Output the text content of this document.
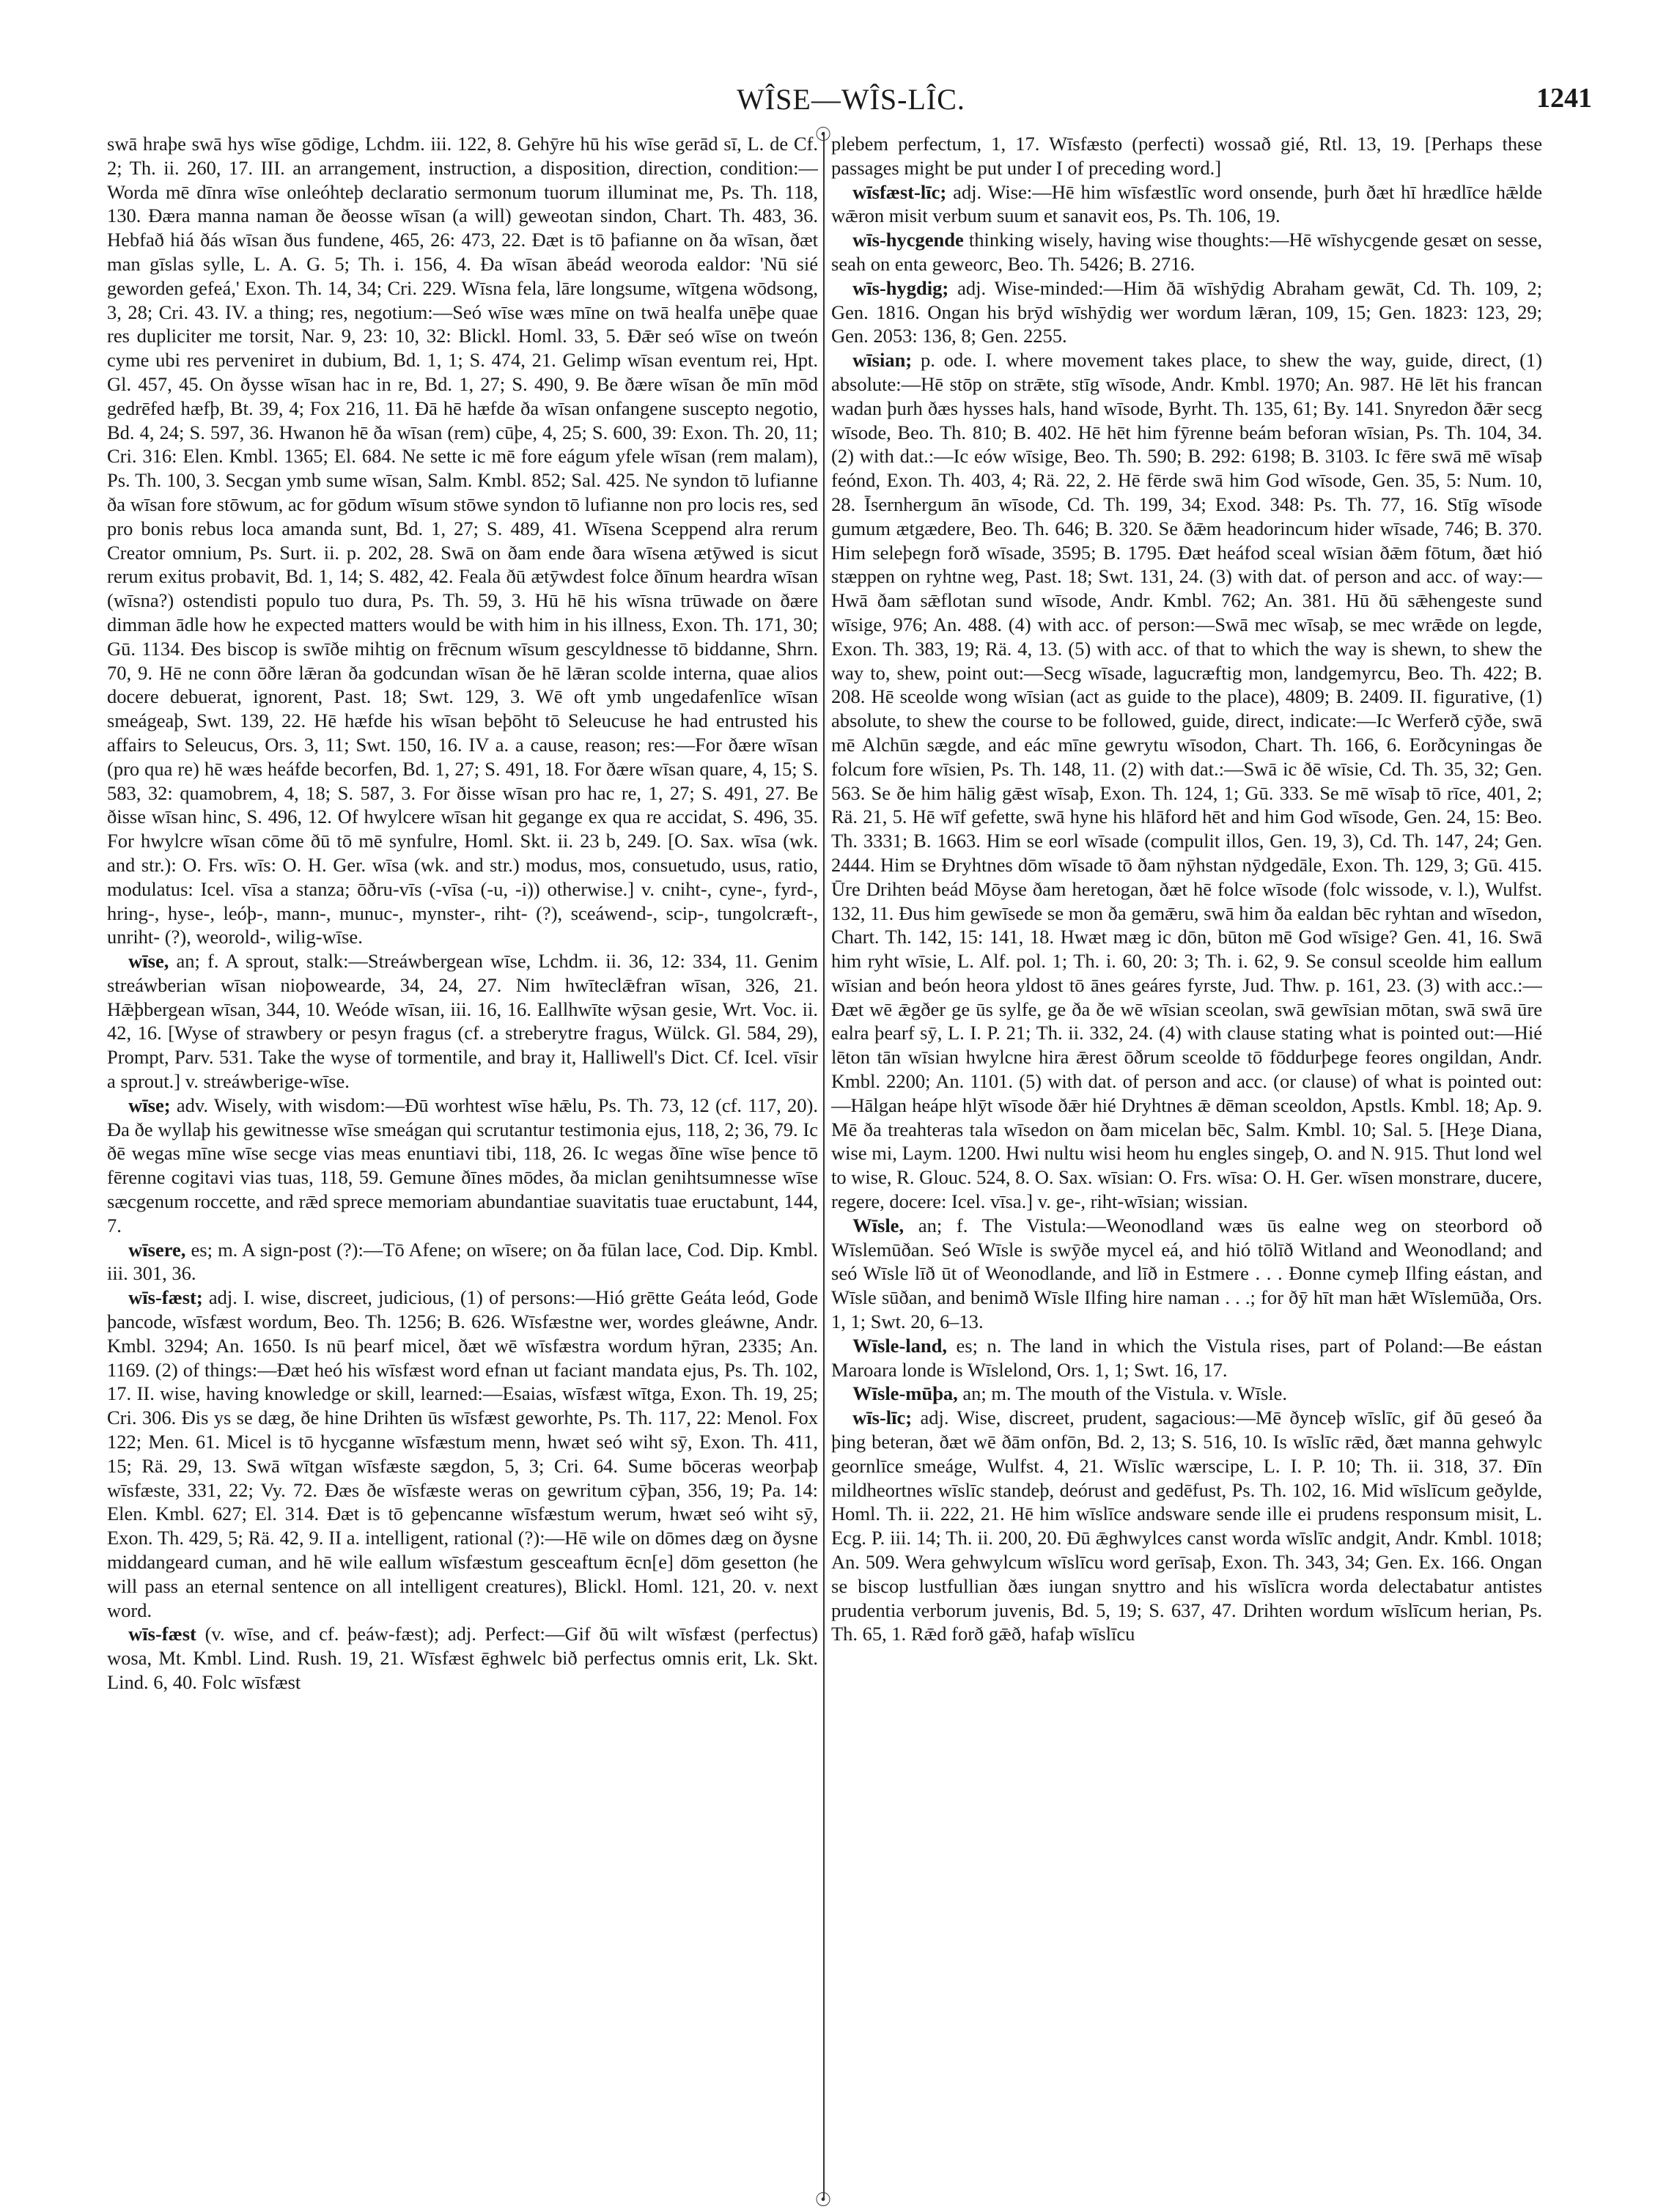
WÎSE—WÎS-LÎC.	1241
☉
☉

swā hraþe swā hys wīse gōdige, Lchdm. iii. 122, 8. Gehȳre hū his wīse gerād sī, L. de Cf. 2; Th. ii. 260, 17. III. an arrangement, instruction, a disposition, direction, condition:—Worda mē dīnra wīse onleóhteþ declaratio sermonum tuorum illuminat me, Ps. Th. 118, 130. Ðæra manna naman ðe ðeosse wīsan (a will) geweotan sindon, Chart. Th. 483, 36. Hebfað hiá ðás wīsan ðus fundene, 465, 26: 473, 22. Ðæt is tō þafianne on ða wīsan, ðæt man gīslas sylle, L. A. G. 5; Th. i. 156, 4. Ða wīsan ābeád weoroda ealdor: 'Nū sié geworden gefeá,' Exon. Th. 14, 34; Cri. 229. Wīsna fela, lāre longsume, wītgena wōdsong, 3, 28; Cri. 43. IV. a thing; res, negotium:—Seó wīse wæs mīne on twā healfa unēþe quae res dupliciter me torsit, Nar. 9, 23: 10, 32: Blickl. Homl. 33, 5. Ðǣr seó wīse on tweón cyme ubi res perveniret in dubium, Bd. 1, 1; S. 474, 21. Gelimp wīsan eventum rei, Hpt. Gl. 457, 45. On ðysse wīsan hac in re, Bd. 1, 27; S. 490, 9. Be ðære wīsan ðe mīn mōd gedrēfed hæfþ, Bt. 39, 4; Fox 216, 11. Ðā hē hæfde ða wīsan onfangene suscepto negotio, Bd. 4, 24; S. 597, 36. Hwanon hē ða wīsan (rem) cūþe, 4, 25; S. 600, 39: Exon. Th. 20, 11; Cri. 316: Elen. Kmbl. 1365; El. 684. Ne sette ic mē fore eágum yfele wīsan (rem malam), Ps. Th. 100, 3. Secgan ymb sume wīsan, Salm. Kmbl. 852; Sal. 425. Ne syndon tō lufianne ða wīsan fore stōwum, ac for gōdum wīsum stōwe syndon tō lufianne non pro locis res, sed pro bonis rebus loca amanda sunt, Bd. 1, 27; S. 489, 41. Wīsena Sceppend alra rerum Creator omnium, Ps. Surt. ii. p. 202, 28. Swā on ðam ende ðara wīsena ætȳwed is sicut rerum exitus probavit, Bd. 1, 14; S. 482, 42. Feala ðū ætȳwdest folce ðīnum heardra wīsan (wīsna?) ostendisti populo tuo dura, Ps. Th. 59, 3. Hū hē his wīsna trūwade on ðære dimman ādle how he expected matters would be with him in his illness, Exon. Th. 171, 30; Gū. 1134. Ðes biscop is swīðe mihtig on frēcnum wīsum gescyldnesse tō biddanne, Shrn. 70, 9. Hē ne conn ōðre lǣran ða godcundan wīsan ðe hē lǣran scolde interna, quae alios docere debuerat, ignorent, Past. 18; Swt. 129, 3. Wē oft ymb ungedafenlīce wīsan smeágeaþ, Swt. 139, 22. Hē hæfde his wīsan beþōht tō Seleucuse he had entrusted his affairs to Seleucus, Ors. 3, 11; Swt. 150, 16. IV a. a cause, reason; res:—For ðære wīsan (pro qua re) hē wæs heáfde becorfen, Bd. 1, 27; S. 491, 18. For ðære wīsan quare, 4, 15; S. 583, 32: quamobrem, 4, 18; S. 587, 3. For ðisse wīsan pro hac re, 1, 27; S. 491, 27. Be ðisse wīsan hinc, S. 496, 12. Of hwylcere wīsan hit gegange ex qua re accidat, S. 496, 35. For hwylcre wīsan cōme ðū tō mē synfulre, Homl. Skt. ii. 23 b, 249. [O. Sax. wīsa (wk. and str.): O. Frs. wīs: O. H. Ger. wīsa (wk. and str.) modus, mos, consuetudo, usus, ratio, modulatus: Icel. vīsa a stanza; ōðru-vīs (-vīsa (-u, -i)) otherwise.] v. cniht-, cyne-, fyrd-, hring-, hyse-, leóþ-, mann-, munuc-, mynster-, riht- (?), sceáwend-, scip-, tungolcræft-, unriht- (?), weorold-, wilig-wīse.

wīse, an; f. A sprout, stalk:—Streáwbergean wīse, Lchdm. ii. 36, 12: 334, 11. Genim streáwberian wīsan nioþowearde, 34, 24, 27. Nim hwīteclǣfran wīsan, 326, 21. Hǣþbergean wīsan, 344, 10. Weóde wīsan, iii. 16, 16. Eallhwīte wȳsan gesie, Wrt. Voc. ii. 42, 16. [Wyse of strawbery or pesyn fragus (cf. a streberytre fragus, Wülck. Gl. 584, 29), Prompt, Parv. 531. Take the wyse of tormentile, and bray it, Halliwell's Dict. Cf. Icel. vīsir a sprout.] v. streáwberige-wīse.

wīse; adv. Wisely, with wisdom:—Ðū worhtest wīse hǣlu, Ps. Th. 73, 12 (cf. 117, 20). Ða ðe wyllaþ his gewitnesse wīse smeágan qui scrutantur testimonia ejus, 118, 2; 36, 79. Ic ðē wegas mīne wīse secge vias meas enuntiavi tibi, 118, 26. Ic wegas ðīne wīse þence tō fērenne cogitavi vias tuas, 118, 59. Gemune ðīnes mōdes, ða miclan genihtsumnesse wīse sæcgenum roccette, and rǣd sprece memoriam abundantiae suavitatis tuae eructabunt, 144, 7.

wīsere, es; m. A sign-post (?):—Tō Afene; on wīsere; on ða fūlan lace, Cod. Dip. Kmbl. iii. 301, 36.

wīs-fæst; adj. I. wise, discreet, judicious, (1) of persons:—Hió grētte Geáta leód, Gode þancode, wīsfæst wordum, Beo. Th. 1256; B. 626. Wīsfæstne wer, wordes gleáwne, Andr. Kmbl. 3294; An. 1650. Is nū þearf micel, ðæt wē wīsfæstra wordum hȳran, 2335; An. 1169. (2) of things:—Ðæt heó his wīsfæst word efnan ut faciant mandata ejus, Ps. Th. 102, 17. II. wise, having knowledge or skill, learned:—Esaias, wīsfæst wītga, Exon. Th. 19, 25; Cri. 306. Ðis ys se dæg, ðe hine Drihten ūs wīsfæst geworhte, Ps. Th. 117, 22: Menol. Fox 122; Men. 61. Micel is tō hycganne wīsfæstum menn, hwæt seó wiht sȳ, Exon. Th. 411, 15; Rä. 29, 13. Swā wītgan wīsfæste sægdon, 5, 3; Cri. 64. Sume bōceras weorþaþ wīsfæste, 331, 22; Vy. 72. Ðæs ðe wīsfæste weras on gewritum cȳþan, 356, 19; Pa. 14: Elen. Kmbl. 627; El. 314. Ðæt is tō geþencanne wīsfæstum werum, hwæt seó wiht sȳ, Exon. Th. 429, 5; Rä. 42, 9. II a. intelligent, rational (?):—Hē wile on dōmes dæg on ðysne middangeard cuman, and hē wile eallum wīsfæstum gesceaftum ēcn[e] dōm gesetton (he will pass an eternal sentence on all intelligent creatures), Blickl. Homl. 121, 20. v. next word.

wīs-fæst (v. wīse, and cf. þeáw-fæst); adj. Perfect:—Gif ðū wilt wīsfæst (perfectus) wosa, Mt. Kmbl. Lind. Rush. 19, 21. Wīsfæst ēghwelc bið perfectus omnis erit, Lk. Skt. Lind. 6, 40. Folc wīsfæst

plebem perfectum, 1, 17. Wīsfæsto (perfecti) wossað gié, Rtl. 13, 19. [Perhaps these passages might be put under I of preceding word.]

wīsfæst-līc; adj. Wise:—Hē him wīsfæstlīc word onsende, þurh ðæt hī hrædlīce hǣlde wǣron misit verbum suum et sanavit eos, Ps. Th. 106, 19.

wīs-hycgende thinking wisely, having wise thoughts:—Hē wīshycgende gesæt on sesse, seah on enta geweorc, Beo. Th. 5426; B. 2716.

wīs-hygdig; adj. Wise-minded:—Him ðā wīshȳdig Abraham gewāt, Cd. Th. 109, 2; Gen. 1816. Ongan his brȳd wīshȳdig wer wordum lǣran, 109, 15; Gen. 1823: 123, 29; Gen. 2053: 136, 8; Gen. 2255.

wīsian; p. ode. I. where movement takes place, to shew the way, guide, direct, (1) absolute:—Hē stōp on strǣte, stīg wīsode, Andr. Kmbl. 1970; An. 987. Hē lēt his francan wadan þurh ðæs hysses hals, hand wīsode, Byrht. Th. 135, 61; By. 141. Snyredon ðǣr secg wīsode, Beo. Th. 810; B. 402. Hē hēt him fȳrenne beám beforan wīsian, Ps. Th. 104, 34. (2) with dat.:—Ic eów wīsige, Beo. Th. 590; B. 292: 6198; B. 3103. Ic fēre swā mē wīsaþ feónd, Exon. Th. 403, 4; Rä. 22, 2. Hē fērde swā him God wīsode, Gen. 35, 5: Num. 10, 28. Īsernhergum ān wīsode, Cd. Th. 199, 34; Exod. 348: Ps. Th. 77, 16. Stīg wīsode gumum ætgædere, Beo. Th. 646; B. 320. Se ðǣm headorincum hider wīsade, 746; B. 370. Him seleþegn forð wīsade, 3595; B. 1795. Ðæt heáfod sceal wīsian ðǣm fōtum, ðæt hió stæppen on ryhtne weg, Past. 18; Swt. 131, 24. (3) with dat. of person and acc. of way:—Hwā ðam sǣflotan sund wīsode, Andr. Kmbl. 762; An. 381. Hū ðū sǣhengeste sund wīsige, 976; An. 488. (4) with acc. of person:—Swā mec wīsaþ, se mec wrǣde on legde, Exon. Th. 383, 19; Rä. 4, 13. (5) with acc. of that to which the way is shewn, to shew the way to, shew, point out:—Secg wīsade, lagucræftig mon, landgemyrcu, Beo. Th. 422; B. 208. Hē sceolde wong wīsian (act as guide to the place), 4809; B. 2409. II. figurative, (1) absolute, to shew the course to be followed, guide, direct, indicate:—Ic Werferð cȳðe, swā mē Alchūn sægde, and eác mīne gewrytu wīsodon, Chart. Th. 166, 6. Eorðcyningas ðe folcum fore wīsien, Ps. Th. 148, 11. (2) with dat.:—Swā ic ðē wīsie, Cd. Th. 35, 32; Gen. 563. Se ðe him hālig gǣst wīsaþ, Exon. Th. 124, 1; Gū. 333. Se mē wīsaþ tō rīce, 401, 2; Rä. 21, 5. Hē wīf gefette, swā hyne his hlāford hēt and him God wīsode, Gen. 24, 15: Beo. Th. 3331; B. 1663. Him se eorl wīsade (compulit illos, Gen. 19, 3), Cd. Th. 147, 24; Gen. 2444. Him se Ðryhtnes dōm wīsade tō ðam nȳhstan nȳdgedāle, Exon. Th. 129, 3; Gū. 415. Ūre Drihten beád Mōyse ðam heretogan, ðæt hē folce wīsode (folc wissode, v. l.), Wulfst. 132, 11. Ðus him gewīsede se mon ða gemǣru, swā him ða ealdan bēc ryhtan and wīsedon, Chart. Th. 142, 15: 141, 18. Hwæt mæg ic dōn, būton mē God wīsige? Gen. 41, 16. Swā him ryht wīsie, L. Alf. pol. 1; Th. i. 60, 20: 3; Th. i. 62, 9. Se consul sceolde him eallum wīsian and beón heora yldost tō ānes geáres fyrste, Jud. Thw. p. 161, 23. (3) with acc.:—Ðæt wē ǣgðer ge ūs sylfe, ge ða ðe wē wīsian sceolan, swā gewīsian mōtan, swā swā ūre ealra þearf sȳ, L. I. P. 21; Th. ii. 332, 24. (4) with clause stating what is pointed out:—Hié lēton tān wīsian hwylcne hira ǣrest ōðrum sceolde tō fōddurþege feores ongildan, Andr. Kmbl. 2200; An. 1101. (5) with dat. of person and acc. (or clause) of what is pointed out:—Hālgan heápe hlȳt wīsode ðǣr hié Dryhtnes ǣ dēman sceoldon, Apstls. Kmbl. 18; Ap. 9. Mē ða treahteras tala wīsedon on ðam micelan bēc, Salm. Kmbl. 10; Sal. 5. [Heȝe Diana, wise mi, Laym. 1200. Hwi nultu wisi heom hu engles singeþ, O. and N. 915. Thut lond wel to wise, R. Glouc. 524, 8. O. Sax. wīsian: O. Frs. wīsa: O. H. Ger. wīsen monstrare, ducere, regere, docere: Icel. vīsa.] v. ge-, riht-wīsian; wissian.

Wīsle, an; f. The Vistula:—Weonodland wæs ūs ealne weg on steorbord oð Wīslemūðan. Seó Wīsle is swȳðe mycel eá, and hió tōlīð Witland and Weonodland; and seó Wīsle līð ūt of Weonodlande, and līð in Estmere . . . Ðonne cymeþ Ilfing eástan, and Wīsle sūðan, and benimð Wīsle Ilfing hire naman . . .; for ðȳ hīt man hǣt Wīslemūða, Ors. 1, 1; Swt. 20, 6–13.

Wīsle-land, es; n. The land in which the Vistula rises, part of Poland:—Be eástan Maroara londe is Wīslelond, Ors. 1, 1; Swt. 16, 17.

Wīsle-mūþa, an; m. The mouth of the Vistula. v. Wīsle.

wīs-līc; adj. Wise, discreet, prudent, sagacious:—Mē ðynceþ wīslīc, gif ðū geseó ða þing beteran, ðæt wē ðām onfōn, Bd. 2, 13; S. 516, 10. Is wīslīc rǣd, ðæt manna gehwylc geornlīce smeáge, Wulfst. 4, 21. Wīslīc wærscipe, L. I. P. 10; Th. ii. 318, 37. Ðīn mildheortnes wīslīc standeþ, deórust and gedēfust, Ps. Th. 102, 16. Mid wīslīcum geðylde, Homl. Th. ii. 222, 21. Hē him wīslīce andsware sende ille ei prudens responsum misit, L. Ecg. P. iii. 14; Th. ii. 200, 20. Ðū ǣghwylces canst worda wīslīc andgit, Andr. Kmbl. 1018; An. 509. Wera gehwylcum wīslīcu word gerīsaþ, Exon. Th. 343, 34; Gen. Ex. 166. Ongan se biscop lustfullian ðæs iungan snyttro and his wīslīcra worda delectabatur antistes prudentia verborum juvenis, Bd. 5, 19; S. 637, 47. Drihten wordum wīslīcum herian, Ps. Th. 65, 1. Rǣd forð gǣð, hafaþ wīslīcu
